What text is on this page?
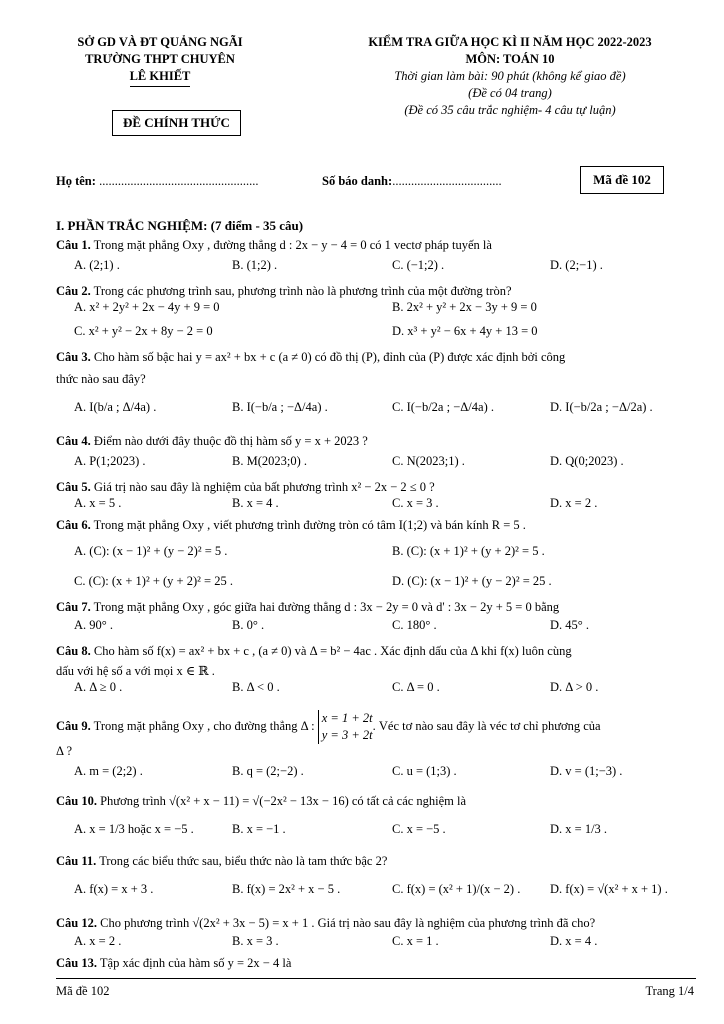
SỞ GD VÀ ĐT QUẢNG NGÃI
TRƯỜNG THPT CHUYÊN
LÊ KHIẾT
ĐỀ CHÍNH THỨC
KIỂM TRA GIỮA HỌC KÌ II NĂM HỌC 2022-2023
MÔN: TOÁN 10
Thời gian làm bài: 90 phút (không kể giao đề)
(Đề có 04 trang)
(Đề có 35 câu trắc nghiệm- 4 câu tự luận)
Họ tên: ...................................................	Số báo danh:...................................	Mã đề 102
I. PHẦN TRẮC NGHIỆM: (7 điểm - 35 câu)
Câu 1. Trong mặt phẳng Oxy , đường thẳng d : 2x − y − 4 = 0 có 1 vectơ pháp tuyến là
A. (2;1) .	B. (1;2) .	C. (−1;2) .	D. (2;−1) .
Câu 2. Trong các phương trình sau, phương trình nào là phương trình của một đường tròn?
A. x² + 2y² + 2x − 4y + 9 = 0	B. 2x² + y² + 2x − 3y + 9 = 0
C. x² + y² − 2x + 8y − 2 = 0	D. x³ + y² − 6x + 4y + 13 = 0
Câu 3. Cho hàm số bậc hai y = ax² + bx + c (a ≠ 0) có đồ thị (P), đỉnh của (P) được xác định bởi công
thức nào sau đây?
A. I(b/a ; Δ/4a) .	B. I(−b/a ; −Δ/4a) .	C. I(−b/2a ; −Δ/4a) .	D. I(−b/2a ; −Δ/2a) .
Câu 4. Điểm nào dưới đây thuộc đồ thị hàm số y = x + 2023 ?
A. P(1;2023) .	B. M(2023;0) .	C. N(2023;1) .	D. Q(0;2023) .
Câu 5. Giá trị nào sau đây là nghiệm của bất phương trình x² − 2x − 2 ≤ 0 ?
A. x = 5 .	B. x = 4 .	C. x = 3 .	D. x = 2 .
Câu 6. Trong mặt phẳng Oxy , viết phương trình đường tròn có tâm I(1;2) và bán kính R = 5 .
A. (C): (x − 1)² + (y − 2)² = 5 .	B. (C): (x + 1)² + (y + 2)² = 5 .
C. (C): (x + 1)² + (y + 2)² = 25 .	D. (C): (x − 1)² + (y − 2)² = 25 .
Câu 7. Trong mặt phẳng Oxy , góc giữa hai đường thẳng d : 3x − 2y = 0 và d' : 3x − 2y + 5 = 0 bằng
A. 90° .	B. 0° .	C. 180° .	D. 45° .
Câu 8. Cho hàm số f(x) = ax² + bx + c , (a ≠ 0) và Δ = b² − 4ac . Xác định dấu của Δ khi f(x) luôn cùng
dấu với hệ số a với mọi x ∈ ℝ .
A. Δ ≥ 0 .	B. Δ < 0 .	C. Δ = 0 .	D. Δ > 0 .
Câu 9. Trong mặt phẳng Oxy , cho đường thẳng Δ :
x = 1 + 2t
y = 3 + 2t
. Véc tơ nào sau đây là véc tơ chỉ phương của
Δ ?
A. m = (2;2) .	B. q = (2;−2) .	C. u = (1;3) .	D. v = (1;−3) .
Câu 10. Phương trình √(x² + x − 11) = √(−2x² − 13x − 16) có tất cả các nghiệm là
A. x = 1/3 hoặc x = −5 .	B. x = −1 .	C. x = −5 .	D. x = 1/3 .
Câu 11. Trong các biểu thức sau, biểu thức nào là tam thức bậc 2?
A. f(x) = x + 3 .	B. f(x) = 2x² + x − 5 .	C. f(x) = (x² + 1)/(x − 2) . D. f(x) = √(x² + x + 1) .
Câu 12. Cho phương trình √(2x² + 3x − 5) = x + 1 . Giá trị nào sau đây là nghiệm của phương trình đã cho?
A. x = 2 .	B. x = 3 .	C. x = 1 .	D. x = 4 .
Câu 13. Tập xác định của hàm số y = 2x − 4 là
Mã đề 102	Trang 1/4
